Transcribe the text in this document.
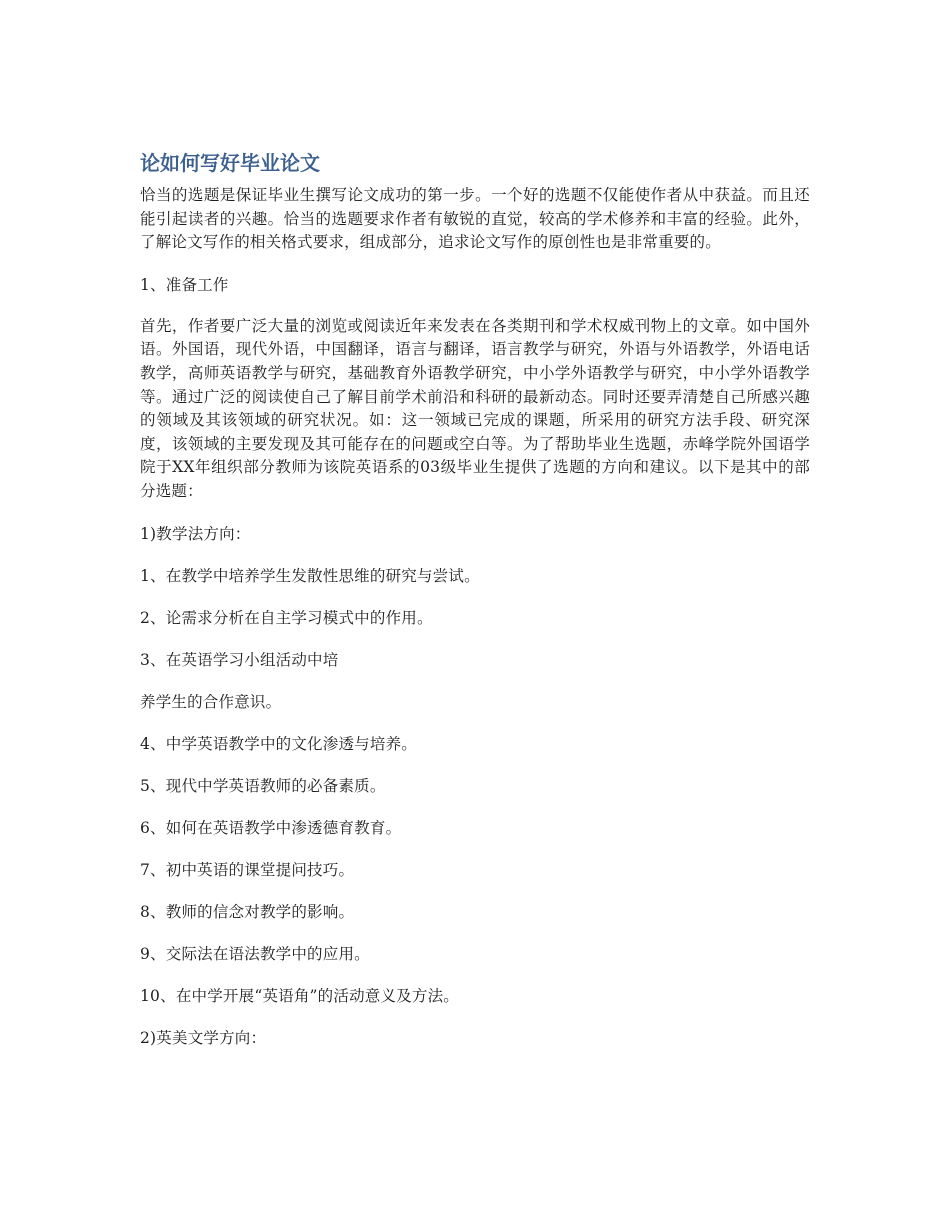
论如何写好毕业论文

恰当的选题是保证毕业生撰写论文成功的第一步。一个好的选题不仅能使作者从中获益。而且还能引起读者的兴趣。恰当的选题要求作者有敏锐的直觉，较高的学术修养和丰富的经验。此外，了解论文写作的相关格式要求，组成部分，追求论文写作的原创性也是非常重要的。

1、准备工作

首先，作者要广泛大量的浏览或阅读近年来发表在各类期刊和学术权威刊物上的文章。如中国外语。外国语，现代外语，中国翻译，语言与翻译，语言教学与研究，外语与外语教学，外语电话教学，高师英语教学与研究，基础教育外语教学研究，中小学外语教学与研究，中小学外语教学等。通过广泛的阅读使自己了解目前学术前沿和科研的最新动态。同时还要弄清楚自己所感兴趣的领域及其该领域的研究状况。如：这一领域已完成的课题，所采用的研究方法手段、研究深度，该领域的主要发现及其可能存在的问题或空白等。为了帮助毕业生选题，赤峰学院外国语学院于XX年组织部分教师为该院英语系的03级毕业生提供了选题的方向和建议。以下是其中的部分选题：

1)教学法方向：

1、在教学中培养学生发散性思维的研究与尝试。

2、论需求分析在自主学习模式中的作用。

3、在英语学习小组活动中培

养学生的合作意识。

4、中学英语教学中的文化渗透与培养。

5、现代中学英语教师的必备素质。

6、如何在英语教学中渗透德育教育。

7、初中英语的课堂提问技巧。

8、教师的信念对教学的影响。

9、交际法在语法教学中的应用。

10、在中学开展“英语角”的活动意义及方法。

2)英美文学方向：
